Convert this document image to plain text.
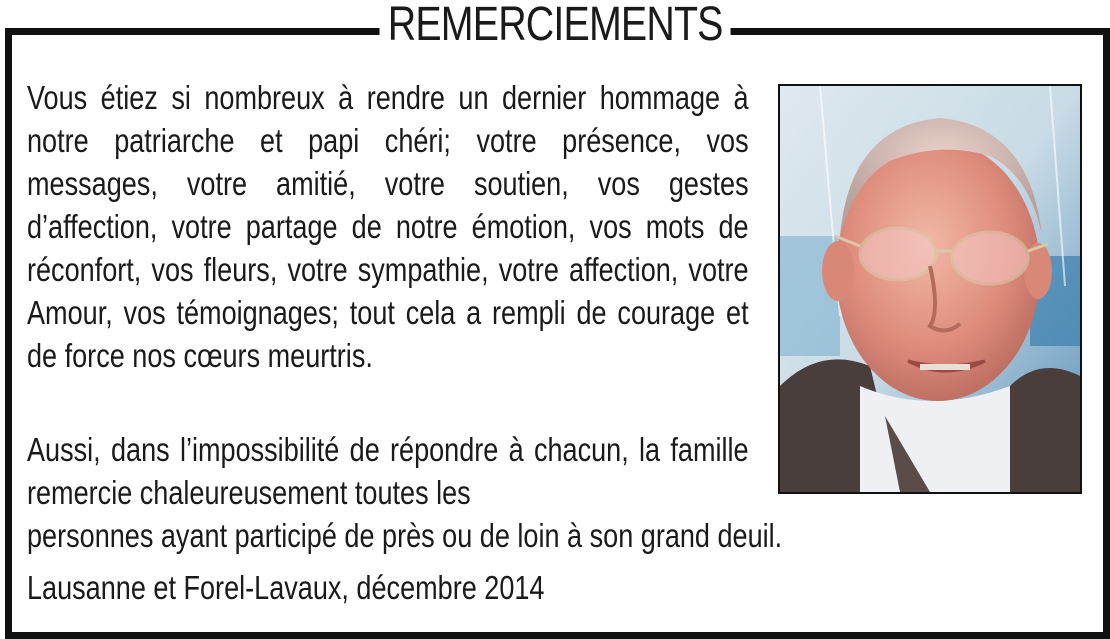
REMERCIEMENTS
Vous étiez si nombreux à rendre un dernier hommage à notre patriarche et papi chéri; votre présence, vos messages, votre amitié, votre soutien, vos gestes d’affection, votre partage de notre émotion, vos mots de réconfort, vos fleurs, votre sympathie, votre affection, votre Amour, vos témoignages; tout cela a rempli de courage et de force nos cœurs meurtris.
Aussi, dans l’impossibilité de répondre à chacun, la famille remercie chaleureusement toutes les
personnes ayant participé de près ou de loin à son grand deuil.
Lausanne et Forel-Lavaux, décembre 2014
